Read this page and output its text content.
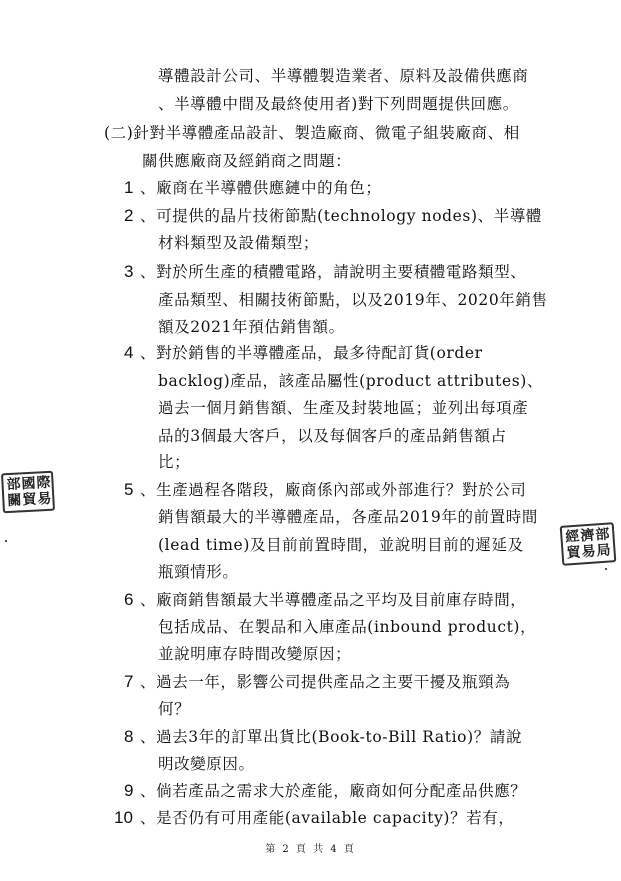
導體設計公司、半導體製造業者、原料及設備供應商
、半導體中間及最終使用者)對下列問題提供回應。
(二)針對半導體產品設計、製造廠商、微電子組裝廠商、相
關供應廠商及經銷商之問題：
1 、廠商在半導體供應鏈中的角色；
2 、可提供的晶片技術節點(technology nodes)、半導體
材料類型及設備類型；
3 、對於所生產的積體電路，請說明主要積體電路類型、
產品類型、相關技術節點，以及2019年、2020年銷售
額及2021年預估銷售額。
4 、對於銷售的半導體產品，最多待配訂貨(order
backlog)產品，該產品屬性(product attributes)、
過去一個月銷售額、生產及封裝地區；並列出每項產
品的3個最大客戶，以及每個客戶的產品銷售額占
比；
5 、生產過程各階段，廠商係內部或外部進行？對於公司
銷售額最大的半導體產品，各產品2019年的前置時間
(lead time)及目前前置時間，並說明目前的遲延及
瓶頸情形。
6 、廠商銷售額最大半導體產品之平均及目前庫存時間，
包括成品、在製品和入庫產品(inbound product)，
並說明庫存時間改變原因；
7 、過去一年，影響公司提供產品之主要干擾及瓶頸為
何？
8 、過去3年的訂單出貨比(Book-to-Bill Ratio)？請說
明改變原因。
9 、倘若產品之需求大於產能，廠商如何分配產品供應？
10 、是否仍有可用產能(available capacity)？若有，
第 2 頁 共 4 頁
部國際
關貿易
經濟部
貿易局
